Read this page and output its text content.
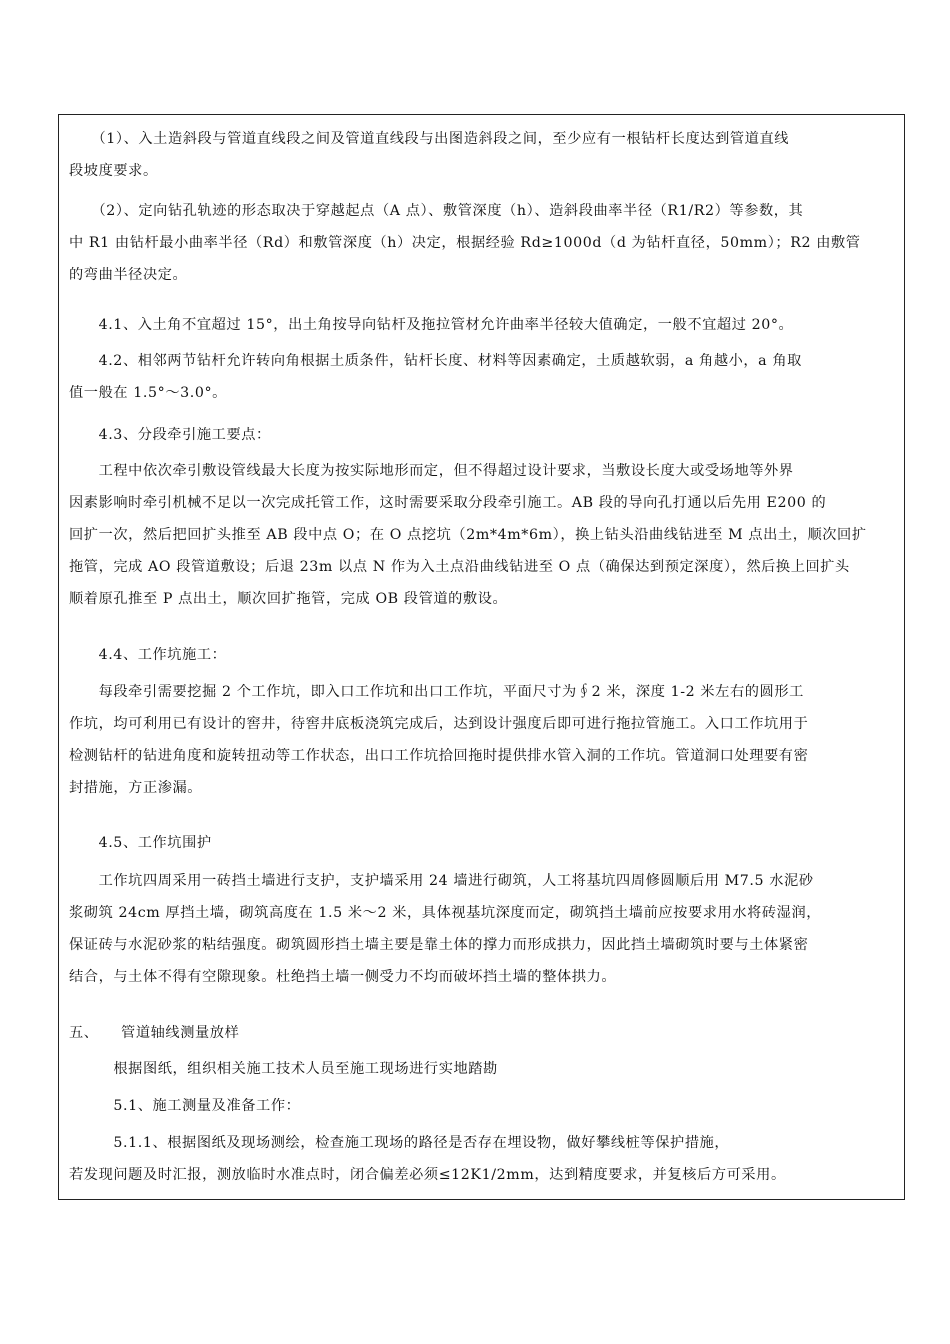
　　（1）、入土造斜段与管道直线段之间及管道直线段与出图造斜段之间，至少应有一根钻杆长度达到管道直线
段坡度要求。
　　（2）、定向钻孔轨迹的形态取决于穿越起点（A 点）、敷管深度（h）、造斜段曲率半径（R1/R2）等参数，其
中 R1 由钻杆最小曲率半径（Rd）和敷管深度（h）决定，根据经验 Rd≥1000d（d 为钻杆直径，50mm）；R2 由敷管
的弯曲半径决定。
　　4.1、入土角不宜超过 15°，出土角按导向钻杆及拖拉管材允许曲率半径较大值确定，一般不宜超过 20°。
　　4.2、相邻两节钻杆允许转向角根据土质条件，钻杆长度、材料等因素确定，土质越软弱，a 角越小，a 角取
值一般在 1.5°～3.0°。
　　4.3、分段牵引施工要点：
　　工程中依次牵引敷设管线最大长度为按实际地形而定，但不得超过设计要求，当敷设长度大或受场地等外界
因素影响时牵引机械不足以一次完成托管工作，这时需要采取分段牵引施工。AB 段的导向孔打通以后先用 E200 的
回扩一次，然后把回扩头推至 AB 段中点 O；在 O 点挖坑（2m*4m*6m），换上钻头沿曲线钻进至 M 点出土，顺次回扩
拖管，完成 AO 段管道敷设；后退 23m 以点 N 作为入土点沿曲线钻进至 O 点（确保达到预定深度），然后换上回扩头
顺着原孔推至 P 点出土，顺次回扩拖管，完成 OB 段管道的敷设。
　　4.4、工作坑施工：
　　每段牵引需要挖掘 2 个工作坑，即入口工作坑和出口工作坑，平面尺寸为∮2 米，深度 1-2 米左右的圆形工
作坑，均可利用已有设计的窖井，待窖井底板浇筑完成后，达到设计强度后即可进行拖拉管施工。入口工作坑用于
检测钻杆的钻进角度和旋转扭动等工作状态，出口工作坑拾回拖时提供排水管入洞的工作坑。管道洞口处理要有密
封措施，方正渗漏。
　　4.5、工作坑围护
　　工作坑四周采用一砖挡土墙进行支护，支护墙采用 24 墙进行砌筑，人工将基坑四周修圆顺后用 M7.5 水泥砂
浆砌筑 24cm 厚挡土墙，砌筑高度在 1.5 米～2 米，具体视基坑深度而定，砌筑挡土墙前应按要求用水将砖湿润，
保证砖与水泥砂浆的粘结强度。砌筑圆形挡土墙主要是靠土体的撑力而形成拱力，因此挡土墙砌筑时要与土体紧密
结合，与土体不得有空隙现象。杜绝挡土墙一侧受力不均而破坏挡土墙的整体拱力。
五、　　管道轴线测量放样
　　　根据图纸，组织相关施工技术人员至施工现场进行实地踏勘
　　　5.1、施工测量及准备工作：
　　　5.1.1、根据图纸及现场测绘，检查施工现场的路径是否存在埋设物，做好攀线桩等保护措施，
若发现问题及时汇报，测放临时水准点时，闭合偏差必须≤12K1/2mm，达到精度要求，并复核后方可采用。
